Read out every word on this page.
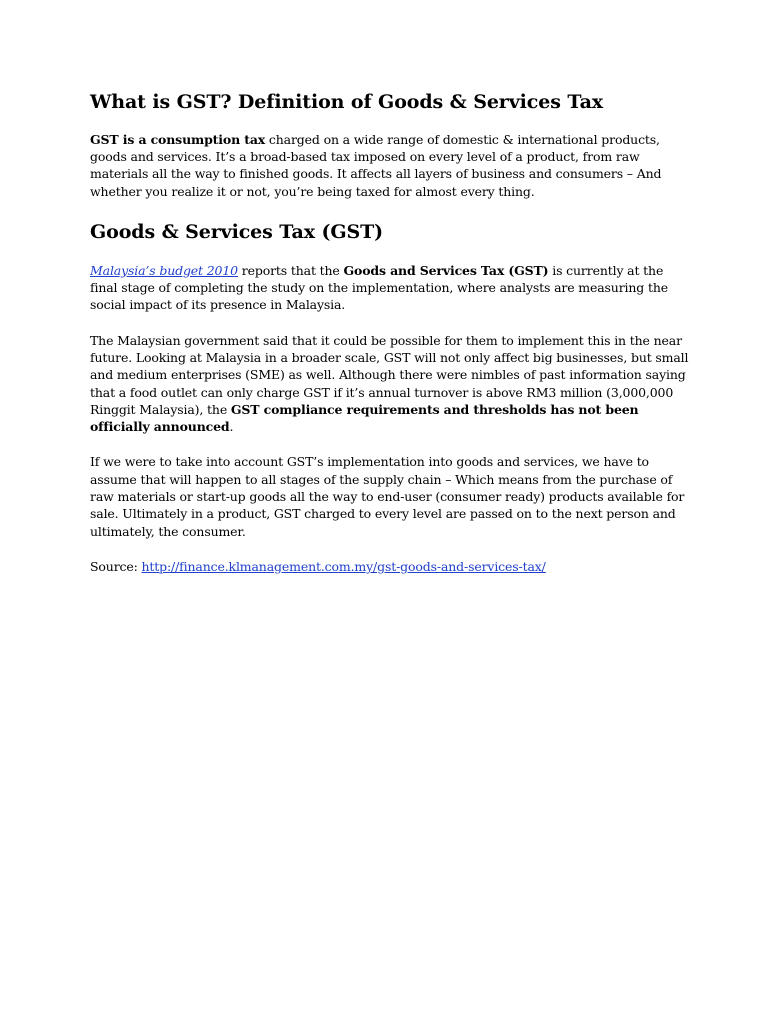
What is GST? Definition of Goods & Services Tax

GST is a consumption tax charged on a wide range of domestic & international products, goods and services. It’s a broad-based tax imposed on every level of a product, from raw materials all the way to finished goods. It affects all layers of business and consumers – And whether you realize it or not, you’re being taxed for almost every thing.

Goods & Services Tax (GST)

Malaysia’s budget 2010 reports that the Goods and Services Tax (GST) is currently at the final stage of completing the study on the implementation, where analysts are measuring the social impact of its presence in Malaysia.

The Malaysian government said that it could be possible for them to implement this in the near future. Looking at Malaysia in a broader scale, GST will not only affect big businesses, but small and medium enterprises (SME) as well. Although there were nimbles of past information saying that a food outlet can only charge GST if it’s annual turnover is above RM3 million (3,000,000 Ringgit Malaysia), the GST compliance requirements and thresholds has not been officially announced.

If we were to take into account GST’s implementation into goods and services, we have to assume that will happen to all stages of the supply chain – Which means from the purchase of raw materials or start-up goods all the way to end-user (consumer ready) products available for sale. Ultimately in a product, GST charged to every level are passed on to the next person and ultimately, the consumer.

Source: http://finance.klmanagement.com.my/gst-goods-and-services-tax/
